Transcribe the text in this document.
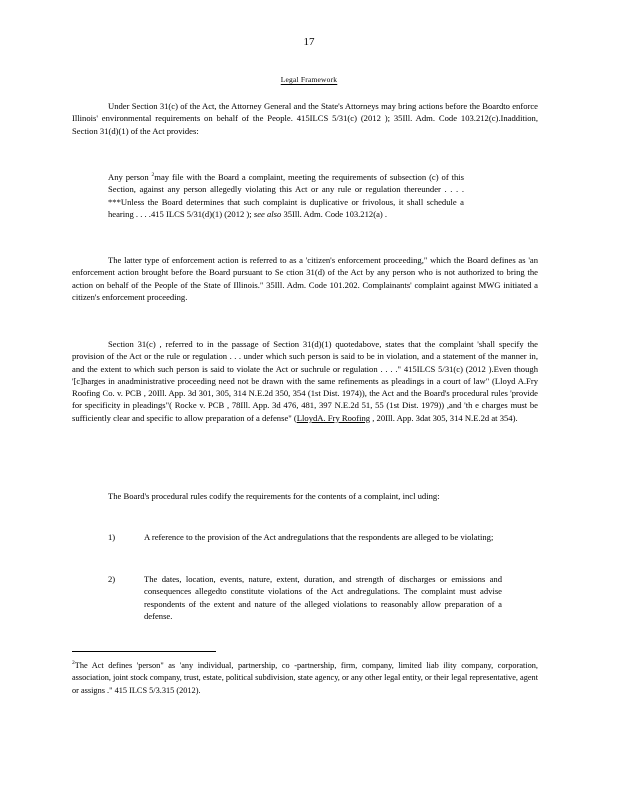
17
Legal Framework

Under Section 31(c) of the Act, the Attorney General and the State's Attorneys may bring actions before the Boardto enforce Illinois' environmental requirements on behalf of the People. 415ILCS 5/31(c) (2012 ); 35Ill. Adm. Code 103.212(c).Inaddition, Section 31(d)(1) of the Act provides:

Any person $^2$may file with the Board a complaint, meeting the requirements of subsection (c) of this Section, against any person allegedly violating this Act or any rule or regulation thereunder . . . . ***Unless the Board determines that such complaint is duplicative or frivolous, it shall schedule a hearing . . . .415 ILCS 5/31(d)(1) (2012 ); see also 35Ill. Adm. Code 103.212(a) .

The latter type of enforcement action is referred to as a 'citizen's enforcement proceeding," which the Board defines as 'an enforcement action brought before the Board pursuant to Se ction 31(d) of the Act by any person who is not authorized to bring the action on behalf of the People of the State of Illinois." 35Ill. Adm. Code 101.202. Complainants' complaint against MWG initiated a citizen's enforcement proceeding.

Section 31(c) , referred to in the passage of Section 31(d)(1) quotedabove, states that the complaint 'shall specify the provision of the Act or the rule or regulation . . . under which such person is said to be in violation, and a statement of the manner in, and the extent to which such person is said to violate the Act or suchrule or regulation . . . ." 415ILCS 5/31(c) (2012 ).Even though '[c]harges in anadministrative proceeding need not be drawn with the same refinements as pleadings in a court of law" (Lloyd A.Fry Roofing Co. v. PCB , 20Ill. App. 3d 301, 305, 314 N.E.2d 350, 354 (1st Dist. 1974)), the Act and the Board's procedural rules 'provide for specificity in pleadings"( Rocke v. PCB , 78Ill. App. 3d 476, 481, 397 N.E.2d 51, 55 (1st Dist. 1979)) ,and 'th e charges must be sufficiently clear and specific to allow preparation of a defense" (LloydA. Fry Roofing , 20Ill. App. 3dat 305, 314 N.E.2d at 354).

The Board's procedural rules codify the requirements for the contents of a complaint, incl uding:

1)	A reference to the provision of the Act andregulations that the respondents are alleged to be violating;
2)	The dates, location, events, nature, extent, duration, and strength of discharges or emissions and consequences allegedto constitute violations of the Act andregulations. The complaint must advise respondents of the extent and nature of the alleged violations to reasonably allow preparation of a defense.

$^2$The Act defines 'person" as 'any individual, partnership, co -partnership, firm, company, limited liab ility company, corporation, association, joint stock company, trust, estate, political subdivision, state agency, or any other legal entity, or their legal representative, agent or assigns ." 415 ILCS 5/3.315 (2012).
